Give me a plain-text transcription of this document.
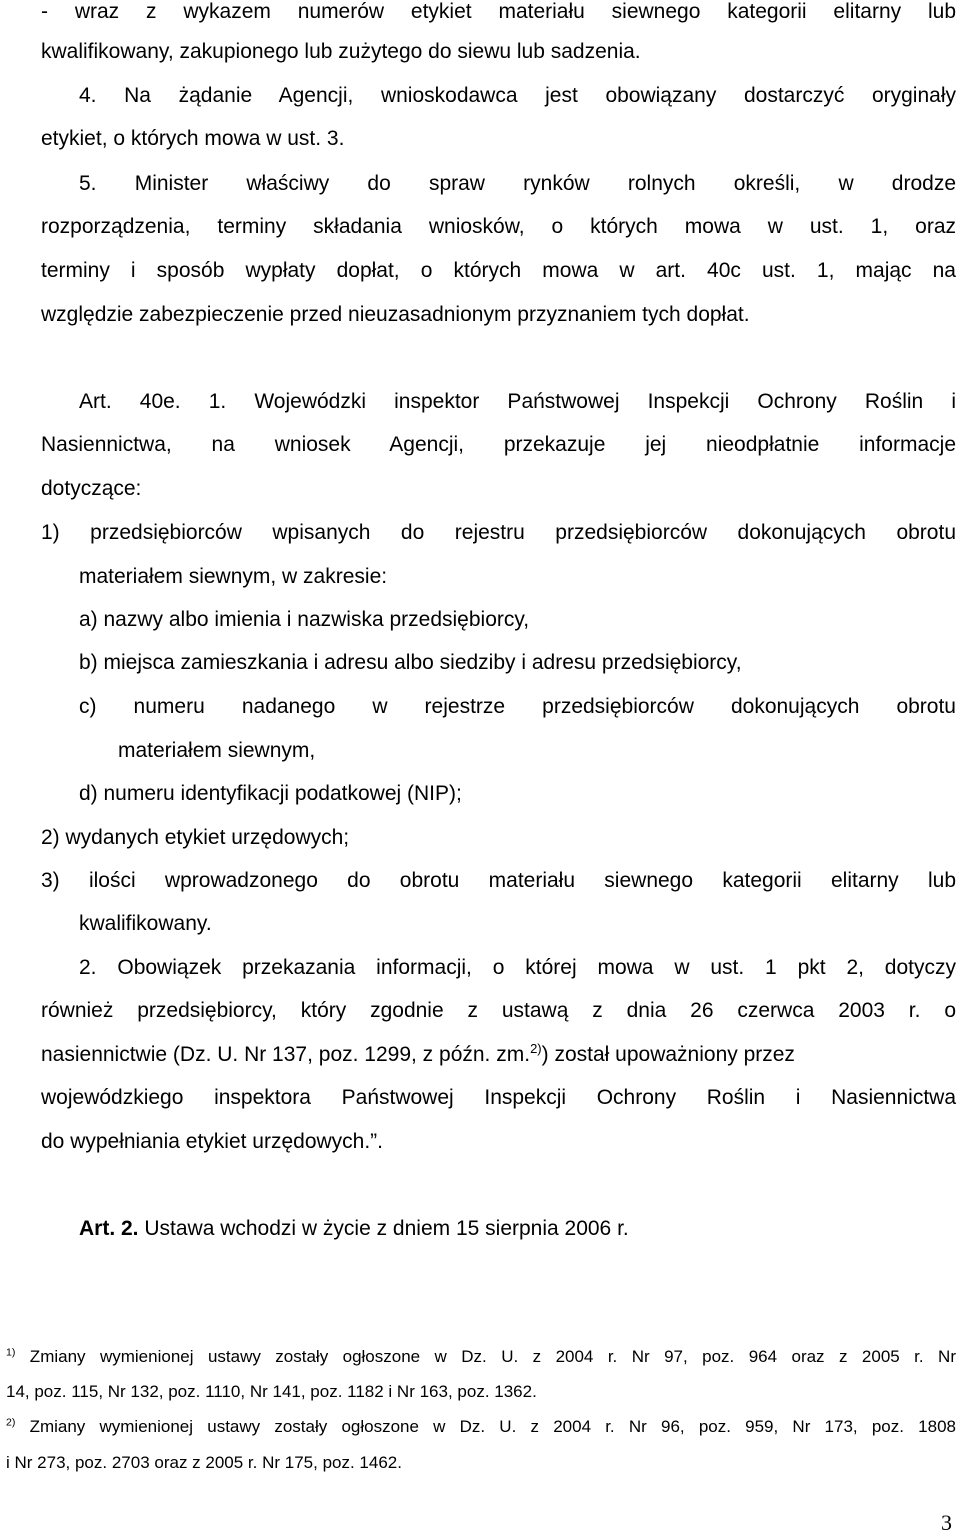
- wraz z wykazem numerów etykiet materiału siewnego kategorii elitarny lub
kwalifikowany, zakupionego lub zużytego do siewu lub sadzenia.
4. Na żądanie Agencji, wnioskodawca jest obowiązany dostarczyć oryginały
etykiet, o których mowa w ust. 3.
5. Minister właściwy do spraw rynków rolnych określi, w drodze
rozporządzenia, terminy składania wniosków, o których mowa w ust. 1, oraz
terminy i sposób wypłaty dopłat, o których mowa w art. 40c ust. 1, mając na
względzie zabezpieczenie przed nieuzasadnionym przyznaniem tych dopłat.
Art. 40e. 1. Wojewódzki inspektor Państwowej Inspekcji Ochrony Roślin i
Nasiennictwa, na wniosek Agencji, przekazuje jej nieodpłatnie informacje
dotyczące:
1) przedsiębiorców wpisanych do rejestru przedsiębiorców dokonujących obrotu
materiałem siewnym, w zakresie:
a) nazwy albo imienia i nazwiska przedsiębiorcy,
b) miejsca zamieszkania i adresu albo siedziby i adresu przedsiębiorcy,
c) numeru nadanego w rejestrze przedsiębiorców dokonujących obrotu
materiałem siewnym,
d) numeru identyfikacji podatkowej (NIP);
2) wydanych etykiet urzędowych;
3) ilości wprowadzonego do obrotu materiału siewnego kategorii elitarny lub
kwalifikowany.
2. Obowiązek przekazania informacji, o której mowa w ust. 1 pkt 2, dotyczy
również przedsiębiorcy, który zgodnie z ustawą z dnia 26 czerwca 2003 r. o
nasiennictwie (Dz. U. Nr 137, poz. 1299, z późn. zm.$^{2)}$) został upoważniony przez
wojewódzkiego inspektora Państwowej Inspekcji Ochrony Roślin i Nasiennictwa
do wypełniania etykiet urzędowych.”.
Art. 2. Ustawa wchodzi w życie z dniem 15 sierpnia 2006 r.
$^{1)}$ Zmiany wymienionej ustawy zostały ogłoszone w Dz. U. z 2004 r. Nr 97, poz. 964 oraz z 2005 r. Nr
14, poz. 115, Nr 132, poz. 1110, Nr 141, poz. 1182 i Nr 163, poz. 1362.
$^{2)}$ Zmiany wymienionej ustawy zostały ogłoszone w Dz. U. z 2004 r. Nr 96, poz. 959, Nr 173, poz. 1808
i Nr 273, poz. 2703 oraz z 2005 r. Nr 175, poz. 1462.
3
